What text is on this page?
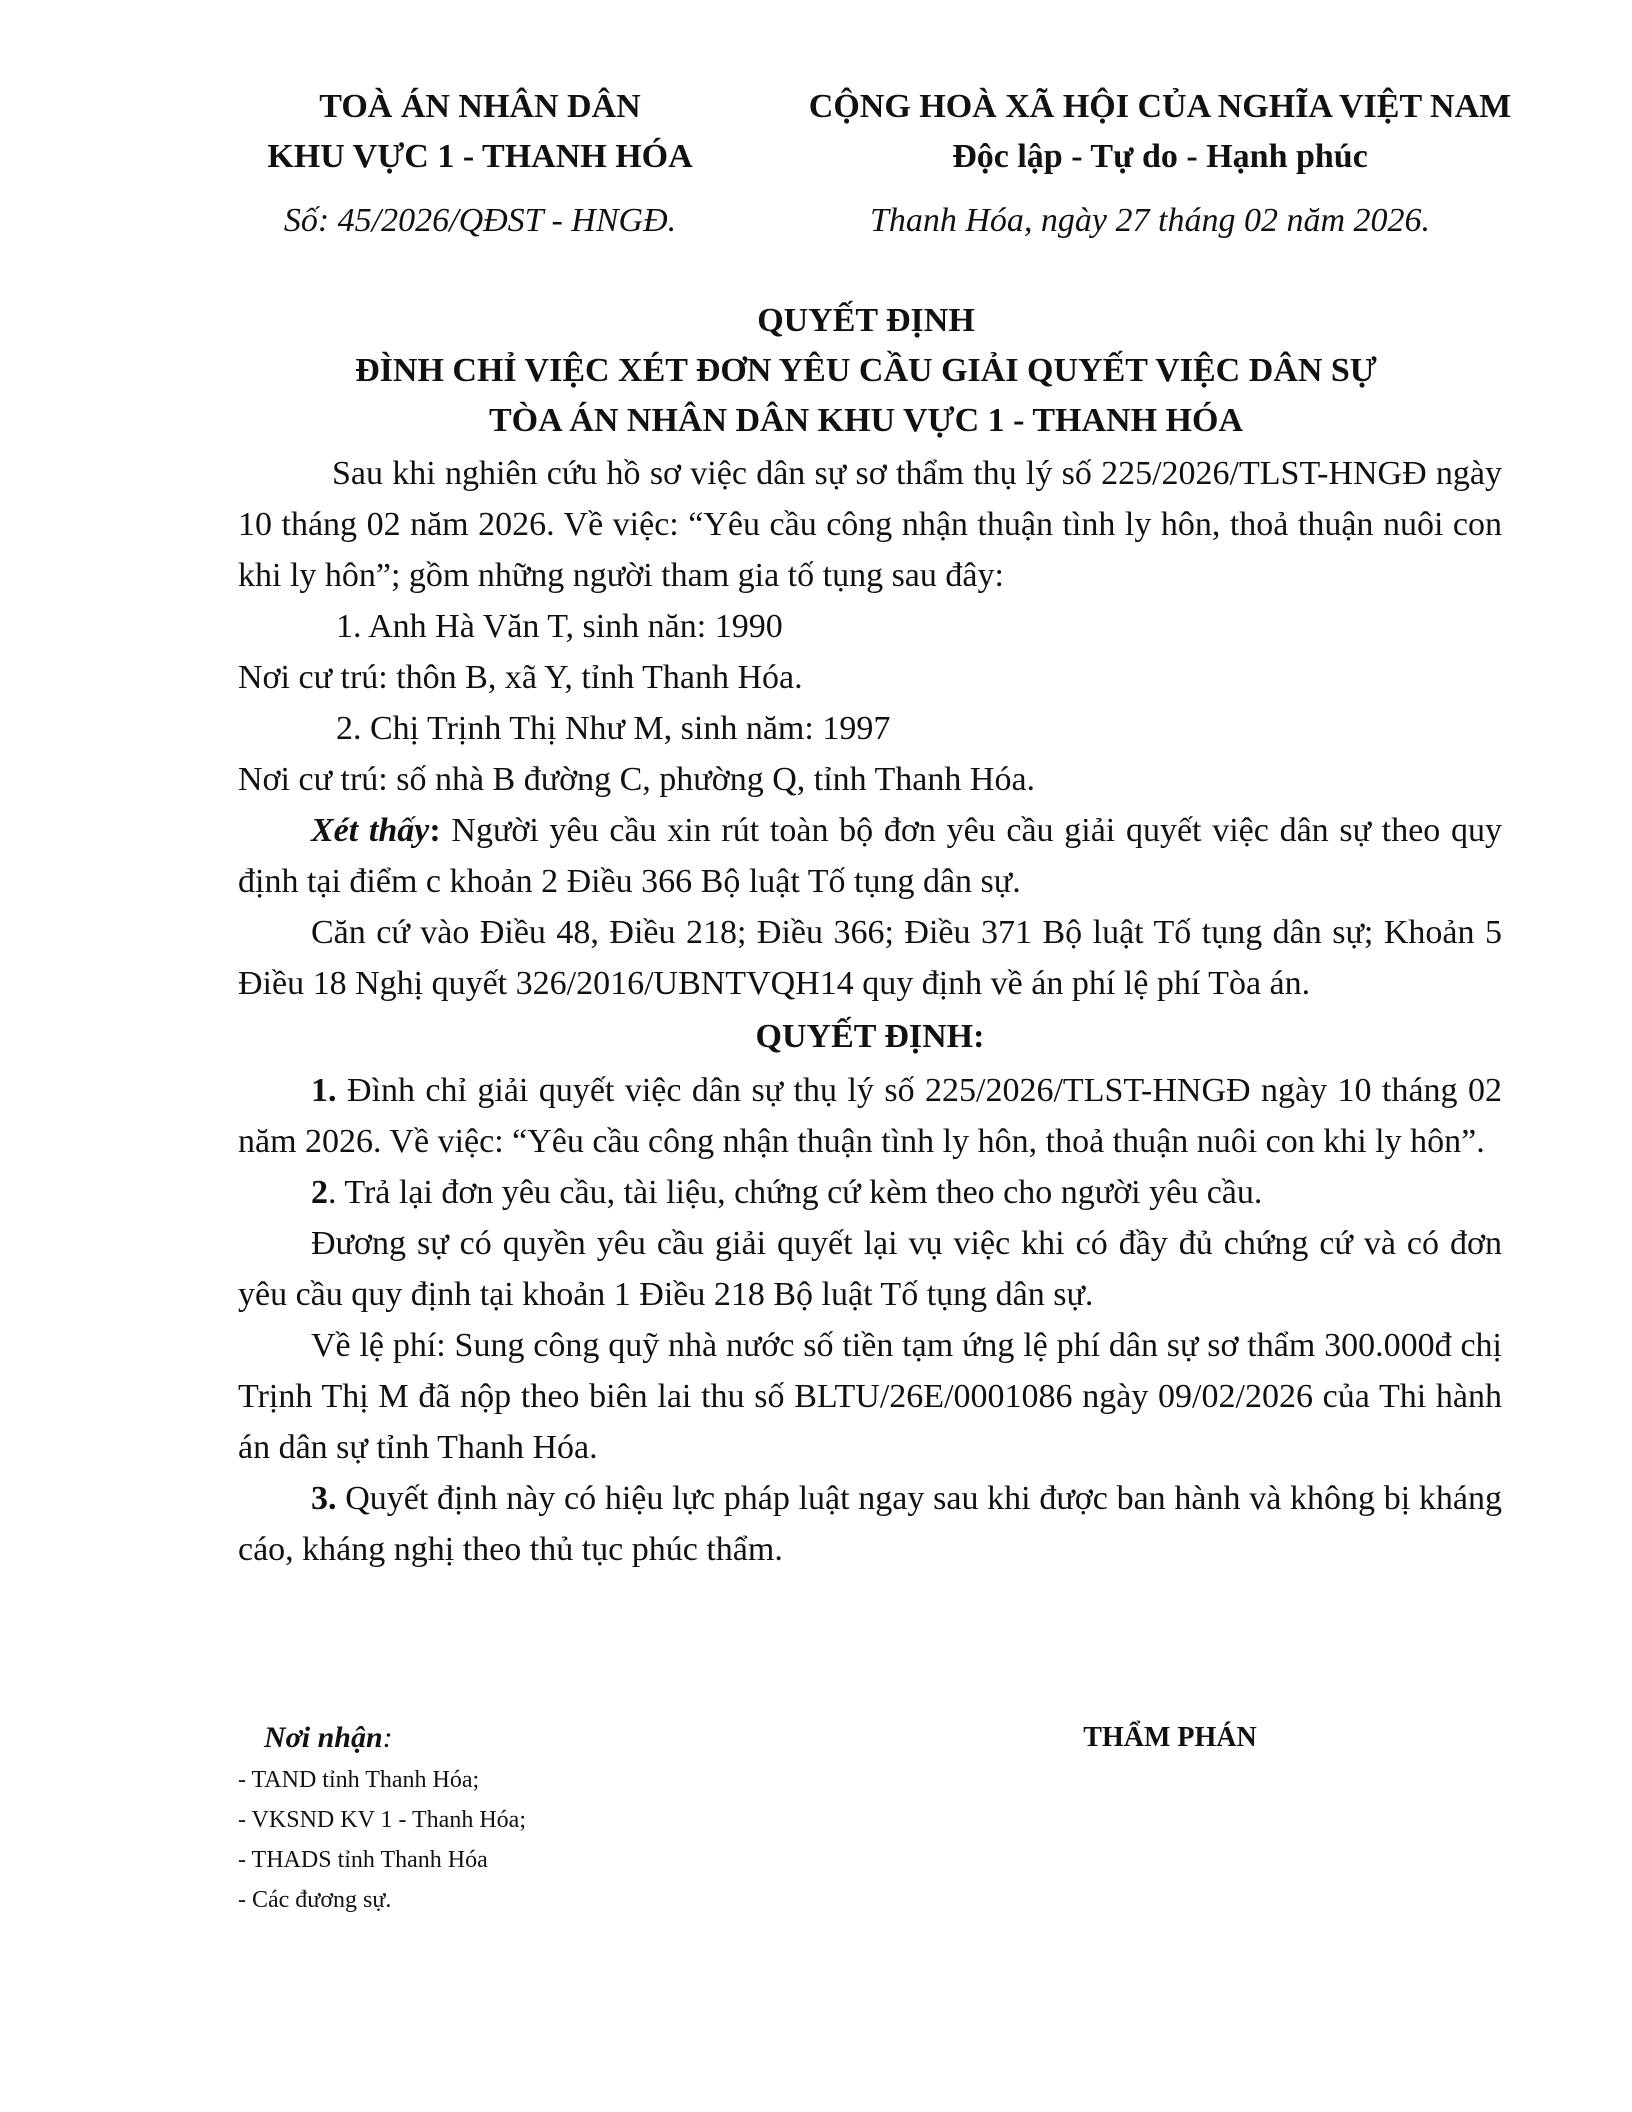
TOÀ ÁN NHÂN DÂN
KHU VỰC 1 - THANH HÓA
CỘNG HOÀ XÃ HỘI CỦA NGHĨA VIỆT NAM
Độc lập - Tự do - Hạnh phúc
Số: 45/2026/QĐST - HNGĐ.	Thanh Hóa, ngày 27 tháng 02 năm 2026.
QUYẾT ĐỊNH
ĐÌNH CHỈ VIỆC XÉT ĐƠN YÊU CẦU GIẢI QUYẾT VIỆC DÂN SỰ
TÒA ÁN NHÂN DÂN KHU VỰC 1 - THANH HÓA

Sau khi nghiên cứu hồ sơ việc dân sự sơ thẩm thụ lý số 225/2026/TLST-HNGĐ ngày 10 tháng 02 năm 2026. Về việc: “Yêu cầu công nhận thuận tình ly hôn, thoả thuận nuôi con khi ly hôn”; gồm những người tham gia tố tụng sau đây:

1. Anh Hà Văn T, sinh năn: 1990

Nơi cư trú: thôn B, xã Y, tỉnh Thanh Hóa.

2. Chị Trịnh Thị Như M, sinh năm: 1997

Nơi cư trú: số nhà B đường C, phường Q, tỉnh Thanh Hóa.

Xét thấy: Người yêu cầu xin rút toàn bộ đơn yêu cầu giải quyết việc dân sự theo quy định tại điểm c khoản 2 Điều 366 Bộ luật Tố tụng dân sự.

Căn cứ vào Điều 48, Điều 218; Điều 366; Điều 371 Bộ luật Tố tụng dân sự; Khoản 5 Điều 18 Nghị quyết 326/2016/UBNTVQH14 quy định về án phí lệ phí Tòa án.

QUYẾT ĐỊNH:

1. Đình chỉ giải quyết việc dân sự thụ lý số 225/2026/TLST-HNGĐ ngày 10 tháng 02 năm 2026. Về việc: “Yêu cầu công nhận thuận tình ly hôn, thoả thuận nuôi con khi ly hôn”.

2. Trả lại đơn yêu cầu, tài liệu, chứng cứ kèm theo cho người yêu cầu.

Đương sự có quyền yêu cầu giải quyết lại vụ việc khi có đầy đủ chứng cứ và có đơn yêu cầu quy định tại khoản 1 Điều 218 Bộ luật Tố tụng dân sự.

Về lệ phí: Sung công quỹ nhà nước số tiền tạm ứng lệ phí dân sự sơ thẩm 300.000đ chị Trịnh Thị M đã nộp theo biên lai thu số BLTU/26E/0001086 ngày 09/02/2026 của Thi hành án dân sự tỉnh Thanh Hóa.

3. Quyết định này có hiệu lực pháp luật ngay sau khi được ban hành và không bị kháng cáo, kháng nghị theo thủ tục phúc thẩm.

Nơi nhận:
- TAND tỉnh Thanh Hóa;
- VKSND KV 1 - Thanh Hóa;
- THADS tỉnh Thanh Hóa
- Các đương sự.
THẨM PHÁN
